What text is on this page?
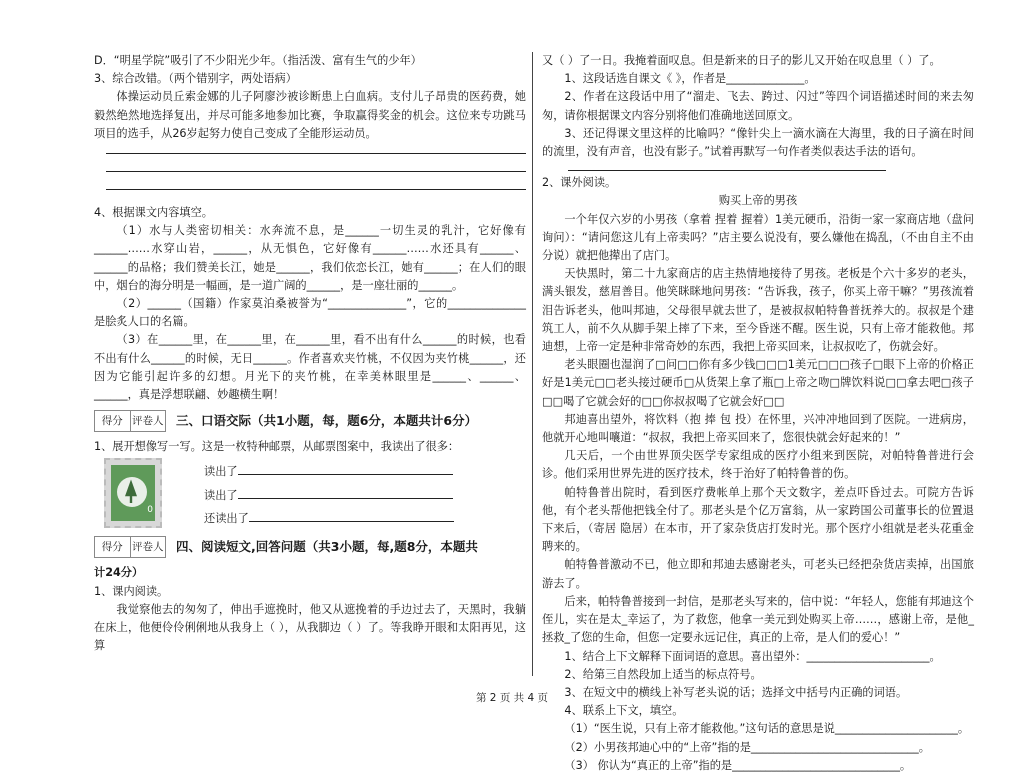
D．“明星学院”吸引了不少阳光少年。（指活泼、富有生气的少年）

3、综合改错。（两个错别字，两处语病）

体操运动员丘索金娜的儿子阿廖沙被诊断患上白血病。支付儿子昂贵的医药费，她毅然绝然地选择复出，并尽可能多地参加比赛，争取赢得奖金的机会。这位来专功跳马项目的选手，从26岁起努力使自己变成了全能形运动员。

4、根据课文内容填空。

（1）水与人类密切相关：水奔流不息，是______一切生灵的乳汁，它好像有______……水穿山岩，______，从无惧色，它好像有______……水还具有______、______的品格；我们赞美长江，她是______，我们依恋长江，她有______；在人们的眼中，烟台的海分明是一幅画，是一道广阔的______，是一座壮丽的______。

（2）______（国籍）作家莫泊桑被誉为“______________”，它的______________是脍炙人口的名篇。

（3）在______里，在______里，在______里，看不出有什么______的时候，也看不出有什么______的时候，无日______。作者喜欢夹竹桃，不仅因为夹竹桃______，还因为它能引起许多的幻想。月光下的夹竹桃，在幸美林眼里是______、______、______，真是浮想联翩、妙趣横生啊！

得分 评卷人 三、口语交际（共1小题，每，题6分，本题共计6分）

1、展开想像写一写。这是一枚特种邮票，从邮票图案中，我读出了很多：

0

读出了

读出了

还读出了

得分 评卷人 四、阅读短文,回答问题（共3小题，每,题8分，本题共

计24分）

1、课内阅读。

我觉察他去的匆匆了，伸出手遮挽时，他又从遮挽着的手边过去了，天黑时，我躺在床上，他便伶伶俐俐地从我身上（ ），从我脚边（ ）了。等我睁开眼和太阳再见，这算

又（ ）了一日。我掩着面叹息。但是新来的日子的影儿又开始在叹息里（ ）了。

1、这段话选自课文《 》，作者是______________。

2、作者在这段话中用了“溜走、飞去、跨过、闪过”等四个词语描述时间的来去匆匆，请你根据课文内容分别将他们准确地送回原文。

3、还记得课文里这样的比喻吗？“像针尖上一滴水滴在大海里，我的日子滴在时间的流里，没有声音，也没有影子。”试着再默写一句作者类似表达手法的语句。

2、课外阅读。

购买上帝的男孩

一个年仅六岁的小男孩（拿着 捏着 握着）1美元硬币，沿街一家一家商店地（盘问 询问）：“请问您这儿有上帝卖吗？”店主要么说没有，要么嫌他在捣乱，（不由自主不由分说）就把他撵出了店门。

天快黑时，第二十九家商店的店主热情地接待了男孩。老板是个六十多岁的老头，满头银发，慈眉善目。他笑眯眯地问男孩：“告诉我，孩子，你买上帝干嘛？”男孩流着泪告诉老头，他叫邦迪，父母很早就去世了，是被叔叔帕特鲁普抚养大的。叔叔是个建筑工人，前不久从脚手架上摔了下来，至今昏迷不醒。医生说，只有上帝才能救他。邦迪想，上帝一定是种非常奇妙的东西，我把上帝买回来，让叔叔吃了，伤就会好。

老头眼圈也湿润了□问□□你有多少钱□□□1美元□□□孩子□眼下上帝的价格正好是1美元□□老头接过硬币□从货架上拿了瓶□上帝之吻□牌饮料说□□拿去吧□孩子□□喝了它就会好的□□你叔叔喝了它就会好□□

邦迪喜出望外，将饮料（抱 捧 包 投）在怀里，兴冲冲地回到了医院。一进病房，他就开心地叫嚷道：“叔叔，我把上帝买回来了，您很快就会好起来的！”

几天后，一个由世界顶尖医学专家组成的医疗小组来到医院，对帕特鲁普进行会诊。他们采用世界先进的医疗技术，终于治好了帕特鲁普的伤。

帕特鲁普出院时，看到医疗费帐单上那个天文数字，差点吓昏过去。可院方告诉他，有个老头帮他把钱全付了。那老头是个亿万富翁，从一家跨国公司董事长的位置退下来后，（寄居 隐居）在本市，开了家杂货店打发时光。那个医疗小组就是老头花重金聘来的。

帕特鲁普激动不已，他立即和邦迪去感谢老头，可老头已经把杂货店卖掉，出国旅游去了。

后来，帕特鲁普接到一封信，是那老头写来的，信中说：“年轻人，您能有邦迪这个侄儿，实在是太_幸运了，为了救您，他拿一美元到处购买上帝……，感谢上帝，是他_拯救_了您的生命，但您一定要永远记住，真正的上帝，是人们的爱心！”

1、结合上下文解释下面词语的意思。喜出望外：______________________。

2、给第三自然段加上适当的标点符号。

3、在短文中的横线上补写老头说的话；选择文中括号内正确的词语。

4、联系上下文，填空。

（1）“医生说，只有上帝才能救他。”这句话的意思是说______________________。

（2）小男孩邦迪心中的“上帝”指的是______________________________。

（3） 你认为“真正的上帝”指的是______________________________。

第 2 页 共 4 页
